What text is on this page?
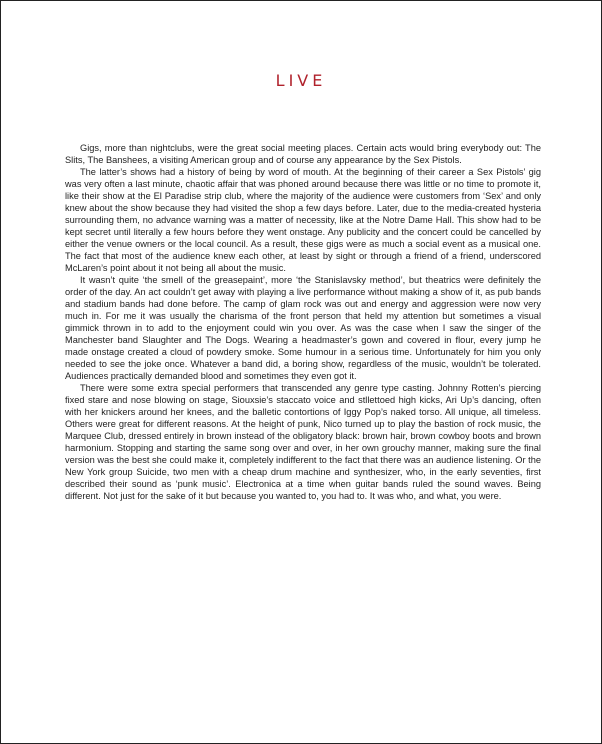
LIVE

Gigs, more than nightclubs, were the great social meeting places. Certain acts would bring everybody out: The Slits, The Banshees, a visiting American group and of course any appearance by the Sex Pistols.

The latter’s shows had a history of being by word of mouth. At the beginning of their career a Sex Pistols’ gig was very often a last minute, chaotic affair that was phoned around because there was little or no time to promote it, like their show at the El Paradise strip club, where the majority of the audience were customers from ‘Sex’ and only knew about the show because they had visited the shop a few days before. Later, due to the media-created hysteria surrounding them, no advance warning was a matter of necessity, like at the Notre Dame Hall. This show had to be kept secret until literally a few hours before they went onstage. Any publicity and the concert could be cancelled by either the venue owners or the local council. As a result, these gigs were as much a social event as a musical one. The fact that most of the audience knew each other, at least by sight or through a friend of a friend, underscored McLaren’s point about it not being all about the music.

It wasn’t quite ‘the smell of the greasepaint’, more ‘the Stanislavsky method’, but theatrics were definitely the order of the day. An act couldn’t get away with playing a live performance without making a show of it, as pub bands and stadium bands had done before. The camp of glam rock was out and energy and aggression were now very much in. For me it was usually the charisma of the front person that held my attention but sometimes a visual gimmick thrown in to add to the enjoyment could win you over. As was the case when I saw the singer of the Manchester band Slaughter and The Dogs. Wearing a headmaster’s gown and covered in flour, every jump he made onstage created a cloud of powdery smoke. Some humour in a serious time. Unfortunately for him you only needed to see the joke once. Whatever a band did, a boring show, regardless of the music, wouldn’t be tolerated. Audiences practically demanded blood and sometimes they even got it.

There were some extra special performers that transcended any genre type casting. Johnny Rotten’s piercing fixed stare and nose blowing on stage, Siouxsie’s staccato voice and stllettoed high kicks, Ari Up’s dancing, often with her knickers around her knees, and the balletic contortions of Iggy Pop’s naked torso. All unique, all timeless. Others were great for different reasons. At the height of punk, Nico turned up to play the bastion of rock music, the Marquee Club, dressed entirely in brown instead of the obligatory black: brown hair, brown cowboy boots and brown harmonium. Stopping and starting the same song over and over, in her own grouchy manner, making sure the final version was the best she could make it, completely indifferent to the fact that there was an audience listening. Or the New York group Suicide, two men with a cheap drum machine and synthesizer, who, in the early seventies, first described their sound as ‘punk music’. Electronica at a time when guitar bands ruled the sound waves. Being different. Not just for the sake of it but because you wanted to, you had to. It was who, and what, you were.
